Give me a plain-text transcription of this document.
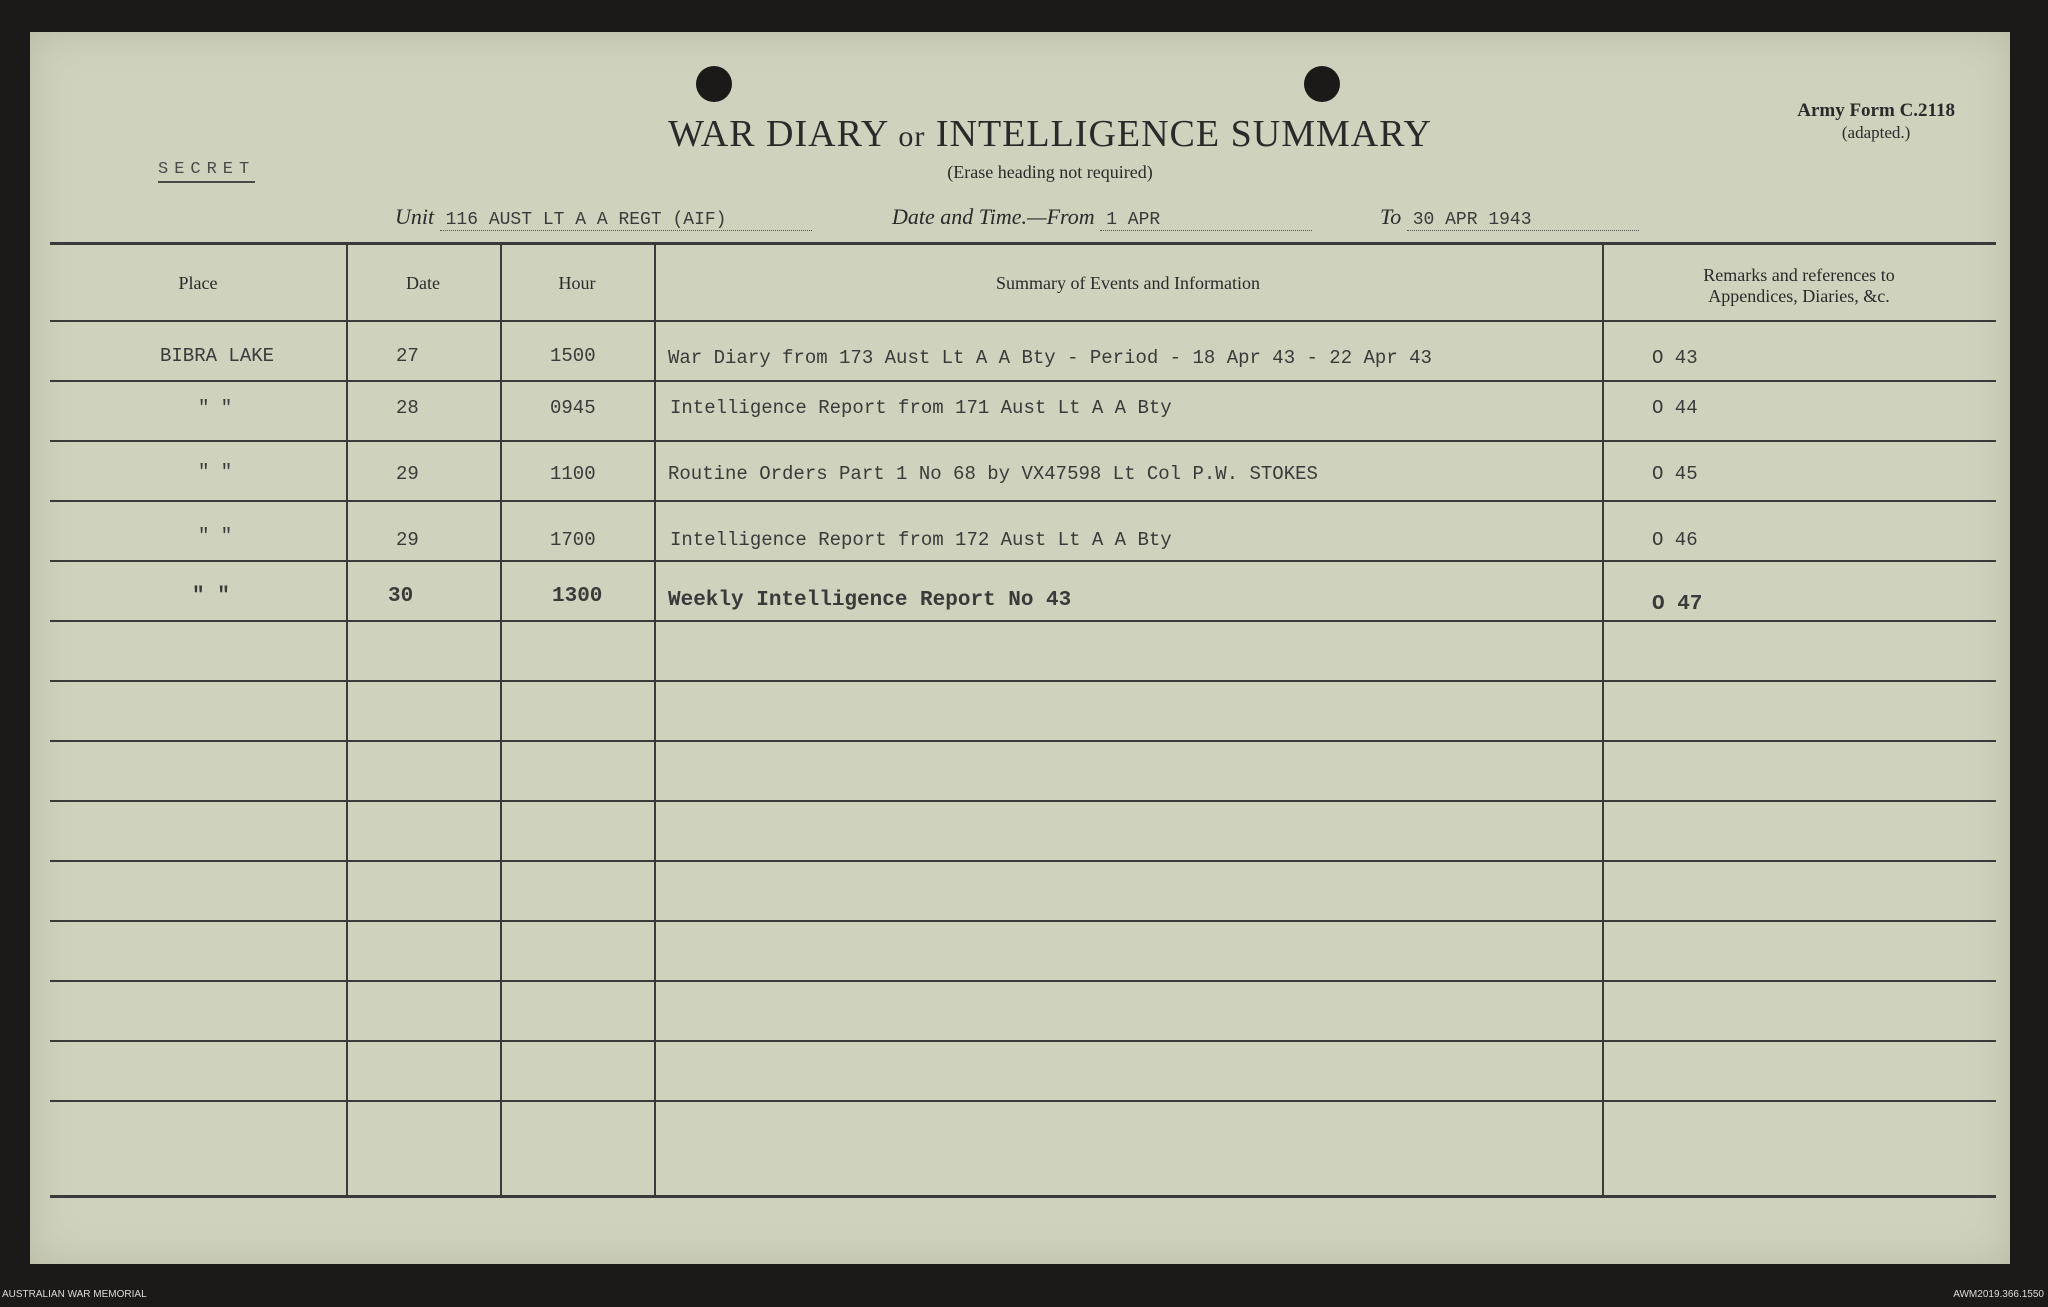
WAR DIARY or INTELLIGENCE SUMMARY
(Erase heading not required)
Army Form C.2118
(adapted.)
SECRET
Unit 116 AUST LT A A REGT (AIF)	Date and Time.—From 1 APR	To 30 APR 1943
Place	Date	Hour	Summary of Events and Information	Remarks and references to
Appendices, Diaries, &c.
BIBRA LAKE	27	1500	War Diary from 173 Aust Lt A A Bty - Period - 18 Apr 43 - 22 Apr 43	O 43
" "	28	0945	Intelligence Report from 171 Aust Lt A A Bty	O 44
" "	29	1100	Routine Orders Part 1 No 68 by VX47598 Lt Col P.W. STOKES	O 45
" "	29	1700	Intelligence Report from 172 Aust Lt A A Bty	O 46
" "	30	1300	Weekly Intelligence Report No 43	O 47
AUSTRALIAN WAR MEMORIAL	AWM2019.366.1550
